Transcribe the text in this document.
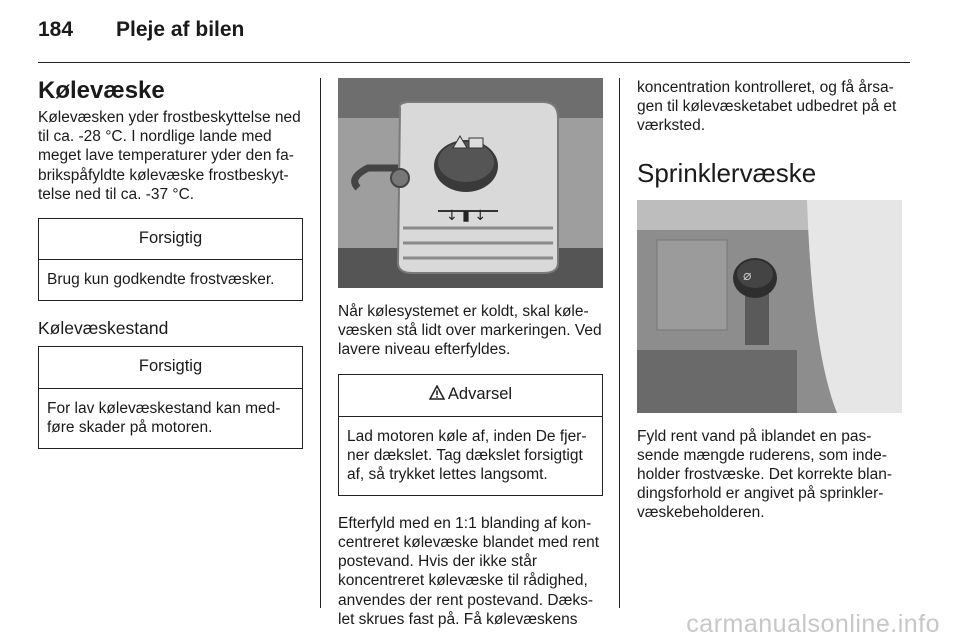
184	Pleje af bilen
Kølevæske

Kølevæsken yder frostbeskyttelse ned til ca. -28 °C. I nordlige lande med meget lave temperaturer yder den fabrikspåfyldte kølevæske frostbeskyttelse ned til ca. -37 °C.

Forsigtig
Brug kun godkendte frostvæsker.
Kølevæskestand
Forsigtig
For lav kølevæskestand kan medføre skader på motoren.
↓ ▮ ↓

Når kølesystemet er koldt, skal kølevæsken stå lidt over markeringen. Ved lavere niveau efterfyldes.

Advarsel
Lad motoren køle af, inden De fjerner dækslet. Tag dækslet forsigtigt af, så trykket lettes langsomt.

Efterfyld med en 1:1 blanding af koncentreret kølevæske blandet med rent postevand. Hvis der ikke står koncentreret kølevæske til rådighed, anvendes der rent postevand. Dækslet skrues fast på. Få kølevæskens

koncentration kontrolleret, og få årsagen til kølevæsketabet udbedret på et værksted.

Sprinklervæske
⌀

Fyld rent vand på iblandet en passende mængde ruderens, som indeholder frostvæske. Det korrekte blandingsforhold er angivet på sprinklervæskebeholderen.

carmanualsonline.info
